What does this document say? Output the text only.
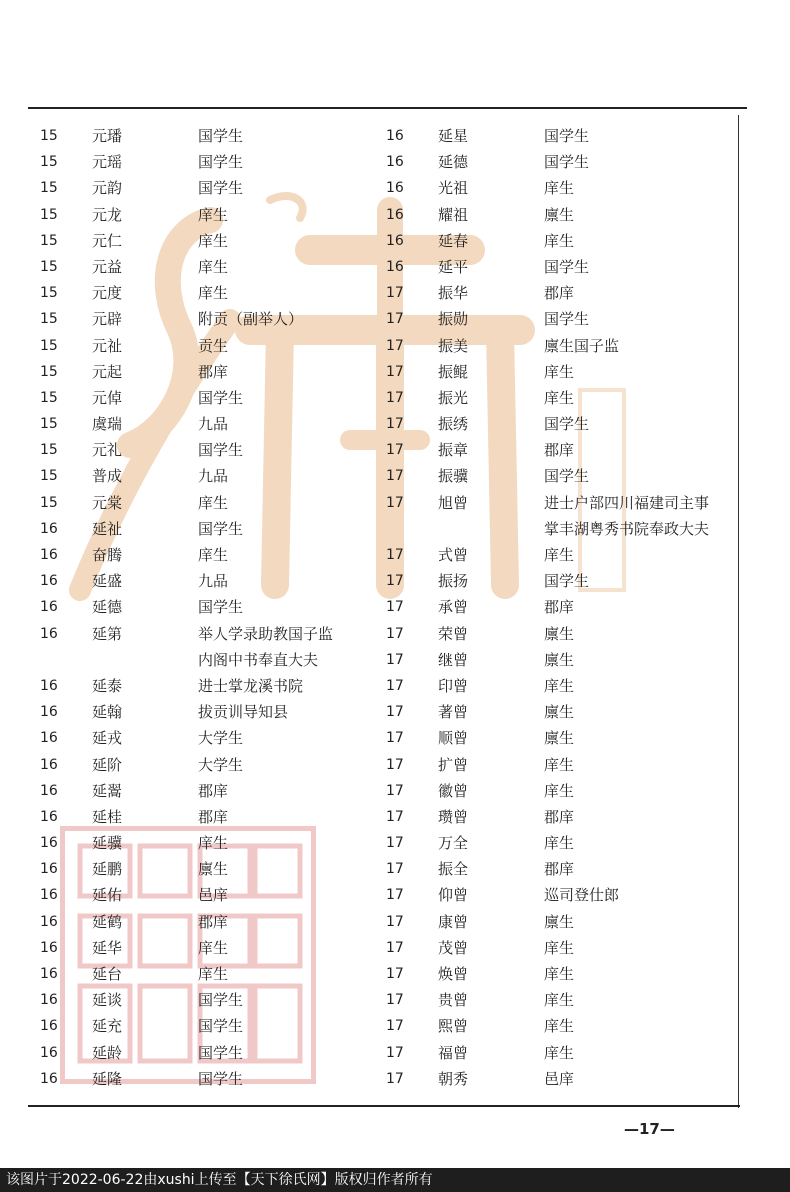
15	元璠	国学生
15	元瑶	国学生
15	元韵	国学生
15	元龙	庠生
15	元仁	庠生
15	元益	庠生
15	元度	庠生
15	元辟	附贡（副举人）
15	元祉	贡生
15	元起	郡庠
15	元倬	国学生
15	虞瑞	九品
15	元礼	国学生
15	普成	九品
15	元棠	庠生
16	延祉	国学生
16	奋腾	庠生
16	延盛	九品
16	延德	国学生
16	延第	举人学录助教国子监
内阁中书奉直大夫
16	延泰	进士掌龙溪书院
16	延翰	拔贡训导知县
16	延戎	大学生
16	延阶	大学生
16	延翯	郡庠
16	延桂	郡庠
16	延骥	庠生
16	延鹏	廪生
16	延佑	邑庠
16	延鹤	郡庠
16	延华	庠生
16	延台	庠生
16	延谈	国学生
16	延充	国学生
16	延龄	国学生
16	延隆	国学生
16	延星	国学生
16	延德	国学生
16	光祖	庠生
16	耀祖	廪生
16	延春	庠生
16	延平	国学生
17	振华	郡庠
17	振勋	国学生
17	振美	廪生国子监
17	振鲲	庠生
17	振光	庠生
17	振绣	国学生
17	振章	郡庠
17	振骥	国学生
17	旭曾	进士户部四川福建司主事
掌丰湖粤秀书院奉政大夫
17	式曾	庠生
17	振扬	国学生
17	承曾	郡庠
17	荣曾	廪生
17	继曾	廪生
17	印曾	庠生
17	著曾	廪生
17	顺曾	廪生
17	扩曾	庠生
17	徽曾	庠生
17	瓒曾	郡庠
17	万全	庠生
17	振全	郡庠
17	仰曾	巡司登仕郎
17	康曾	廪生
17	茂曾	庠生
17	焕曾	庠生
17	贵曾	庠生
17	熙曾	庠生
17	福曾	庠生
17	朝秀	邑庠
—17—
该图片于2022-06-22由xushi上传至【天下徐氏网】版权归作者所有
